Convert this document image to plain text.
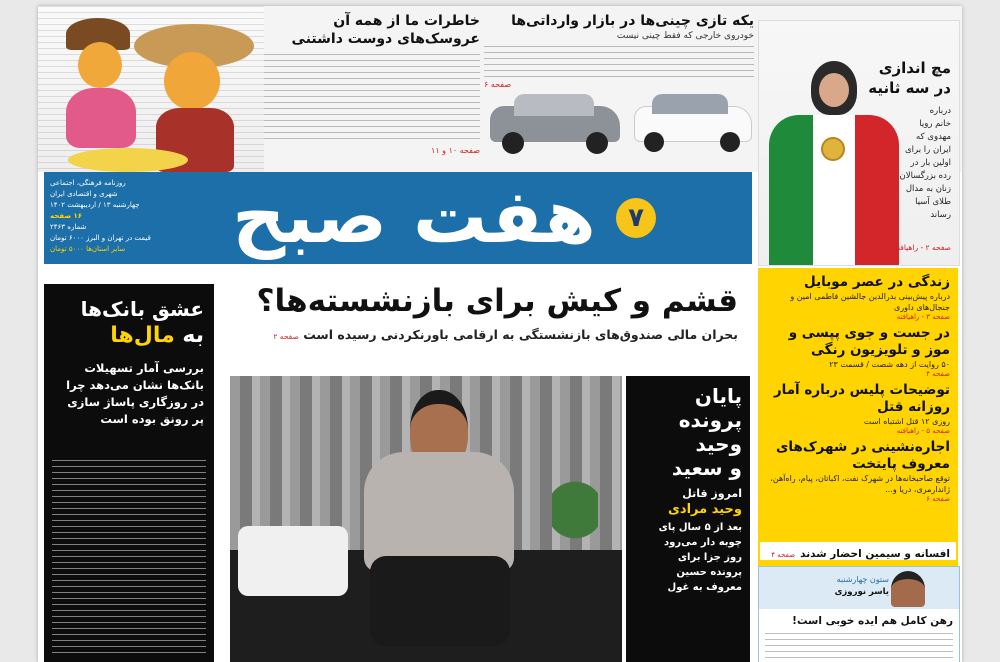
خاطرات ما از همه آن
عروسک‌های دوست داشتنی
صفحه ۱۰ و ۱۱
یکه تازی چینی‌ها در بازار وارداتی‌ها
خودروی خارجی که فقط چینی نیست
صفحه ۶
مچ اندازی
در سه ثانیه
درباره
خانم رویا
مهدوی که
ایران را برای
اولین بار در
رده بزرگسالان
زنان به مدال
طلای آسیا
رساند
صفحه ۲ - راهیافته
روزنامه فرهنگی، اجتماعی
شهری و اقتصادی ایران
چهارشنبه ۱۳ / اردیبهشت ۱۴۰۲
۱۶ صفحه
شماره ۲۴۶۳
قیمت در تهران و البرز ۶۰۰۰ تومان
سایر استان‌ها ۵۰۰۰ تومان	هفت صبح	۷
عشق بانک‌ها
به مال‌ها
بررسی آمار تسهیلات
بانک‌ها نشان می‌دهد چرا
در روزگاری پاساژ سازی
پر رونق بوده است
قشم و کیش برای بازنشسته‌ها؟
بحران مالی صندوق‌های بازنشستگی به ارقامی باورنکردنی رسیده است صفحه ۲
پایان
پرونده
وحید
و سعید
امروز قاتل
وحید مرادی
بعد از ۵ سال پای
چوبه دار می‌رود
روز جزا برای
پرونده حسین
معروف به غول
زندگی در عصر موبایل
درباره پیش‌بینی بدرالدین جالشین فاطمی امین و جنجال‌های داوری
صفحه ۳ - راهیافته
در جست و جوی پپسی و موز و تلویزیون رنگی
۵۰ روایت از دهه شصت / قسمت ۲۳
صفحه ۴
توضیحات پلیس درباره آمار روزانه قتل
روزی ۱۲ قتل اشتباه است
صفحه ۵ - راهیافته
اجاره‌نشینی در شهرک‌های معروف پایتخت
توقع صاحبخانه‌ها در شهرک نفت، اکباتان، پیام، راه‌آهن، ژاندارمری، دریا و...
صفحه ۶
افسانه و سیمین احضار شدند صفحه ۴
ستون چهارشنبه
یاسر نوروزی
رهن کامل هم ایده خوبی است!
